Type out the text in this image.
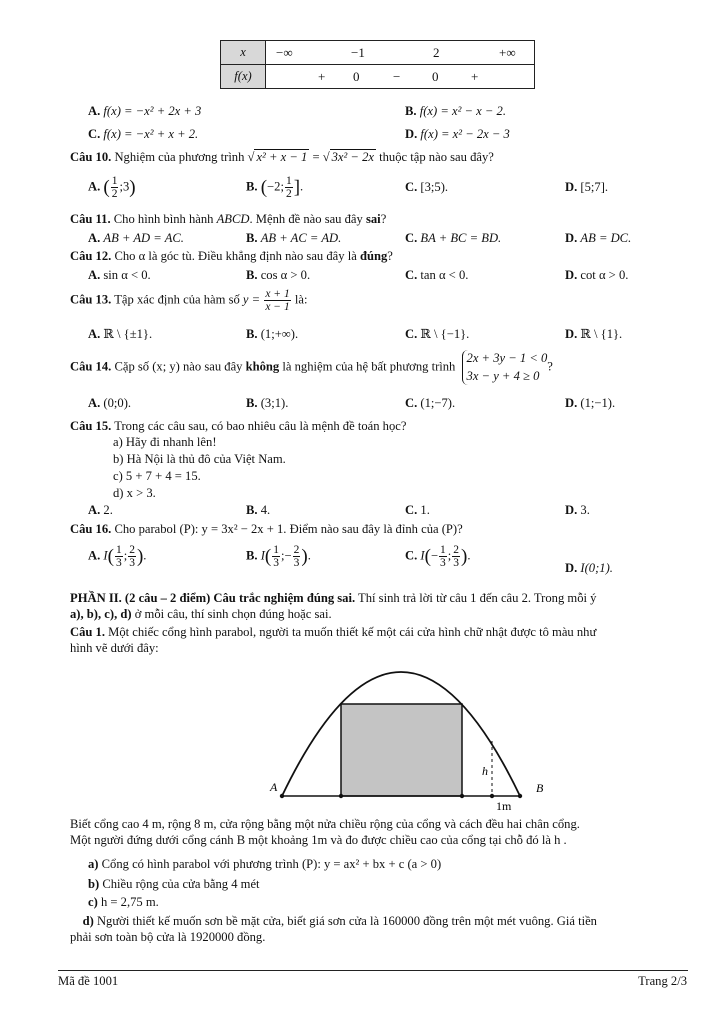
x	−∞	−1	2	+∞
f(x)	+ 0	− 0	+
A. f(x) = −x² + 2x + 3	B. f(x) = x² − x − 2.
C. f(x) = −x² + x + 2.	D. f(x) = x² − 2x − 3
Câu 10. Nghiệm của phương trình √ x² + x − 1 = √ 3x² − 2x thuộc tập nào sau đây?
A. ( $\frac{1}{2}$ ;3)	B. (−2; $\frac{1}{2}$ ].	C. [3;5).	D. [5;7].
Câu 11. Cho hình bình hành ABCD. Mệnh đề nào sau đây sai?
A. AB + AD = AC.	B. AB + AC = AD.	C. BA + BC = BD.	D. AB = DC.
Câu 12. Cho α là góc tù. Điều khẳng định nào sau đây là đúng?
A. sin α < 0.	B. cos α > 0.	C. tan α < 0.	D. cot α > 0.
Câu 13. Tập xác định của hàm số $y = \frac{x + 1}{x - 1}$ là:
A. ℝ \ {±1}.	B. (1;+∞).	C. ℝ \ {−1}.	D. ℝ \ {1}.
Câu 14. Cặp số (x; y) nào sau đây không là nghiệm của hệ bất phương trình 2x + 3y − 1 < 0
3x − y + 4 ≥ 0?
A. (0;0).	B. (3;1).	C. (1;−7).	D. (1;−1).
Câu 15. Trong các câu sau, có bao nhiêu câu là mệnh đề toán học?
a) Hãy đi nhanh lên!
b) Hà Nội là thủ đô của Việt Nam.
c) 5 + 7 + 4 = 15.
d) x > 3.
A. 2.	B. 4.	C. 1.	D. 3.
Câu 16. Cho parabol (P): y = 3x² − 2x + 1. Điểm nào sau đây là đỉnh của (P)?
A. $I( \frac{1}{3}$ ; $\frac{2}{3}$ ).	B. $I( \frac{1}{3}$ ;− $\frac{2}{3}$ ).	C. $I(- \frac{1}{3}$ ; $\frac{2}{3}$ ).
D. I(0;1).
PHẦN II. (2 câu – 2 điểm) Câu trắc nghiệm đúng sai. Thí sinh trả lời từ câu 1 đến câu 2. Trong mỗi ý
a), b), c), d) ở mỗi câu, thí sinh chọn đúng hoặc sai.
Câu 1. Một chiếc cổng hình parabol, người ta muốn thiết kế một cái cửa hình chữ nhật được tô màu như
hình vẽ dưới đây:
A	B
h
1m
Biết cổng cao 4 m, rộng 8 m, cửa rộng bằng một nửa chiều rộng của cổng và cách đều hai chân cổng.
Một người đứng dưới cổng cánh B một khoảng 1m và đo được chiều cao của cổng tại chỗ đó là h .
a) Cổng có hình parabol với phương trình (P): y = ax² + bx + c (a > 0)
b) Chiều rộng của cửa bằng 4 mét
c) h = 2,75 m.
d) Người thiết kế muốn sơn bề mặt cửa, biết giá sơn cửa là 160000 đồng trên một mét vuông. Giá tiền
phải sơn toàn bộ cửa là 1920000 đồng.
Mã đề 1001	Trang 2/3
